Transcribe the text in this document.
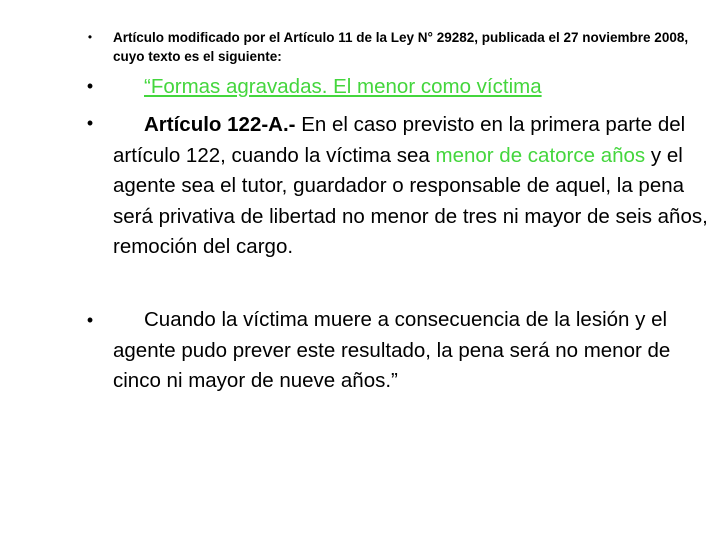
• Artículo modificado por el Artículo 11 de la Ley N° 29282, publicada el 27 noviembre 2008, cuyo texto es el siguiente:
•	“Formas agravadas. El menor como víctima
•	Artículo 122-A.- En el caso previsto en la primera parte del artículo 122, cuando la víctima sea menor de catorce años y el agente sea el tutor, guardador o responsable de aquel, la pena será privativa de libertad no menor de tres ni mayor de seis años, remoción del cargo.
•	Cuando la víctima muere a consecuencia de la lesión y el agente pudo prever este resultado, la pena será no menor de cinco ni mayor de nueve años.”
